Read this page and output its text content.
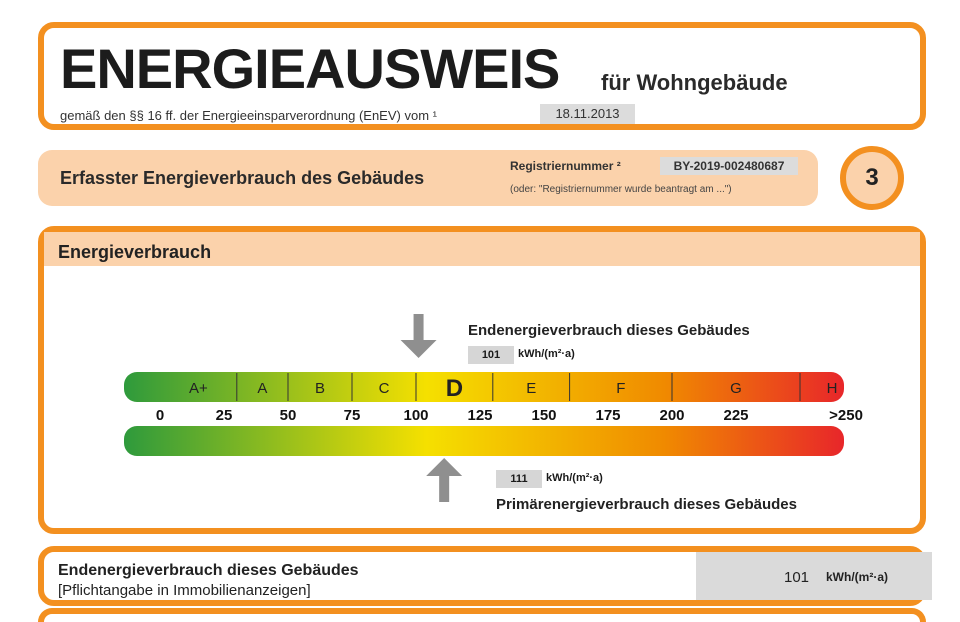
ENERGIEAUSWEIS für Wohngebäude
gemäß den §§ 16 ff. der Energieeinsparverordnung (EnEV) vom ¹	18.11.2013
Erfasster Energieverbrauch des Gebäudes
Registriernummer ²	BY-2019-002480687
(oder: "Registriernummer wurde beantragt am ...")	3
Energieverbrauch
Endenergieverbrauch dieses Gebäudes
101	kWh/(m²·a)
A+	A	B	C D	E	F	G	H
0	25	50	75	100	125	150	175	200	225	>250
111	kWh/(m²·a)
Primärenergieverbrauch dieses Gebäudes
Endenergieverbrauch dieses Gebäudes
[Pflichtangabe in Immobilienanzeigen]
101 kWh/(m²·a)
